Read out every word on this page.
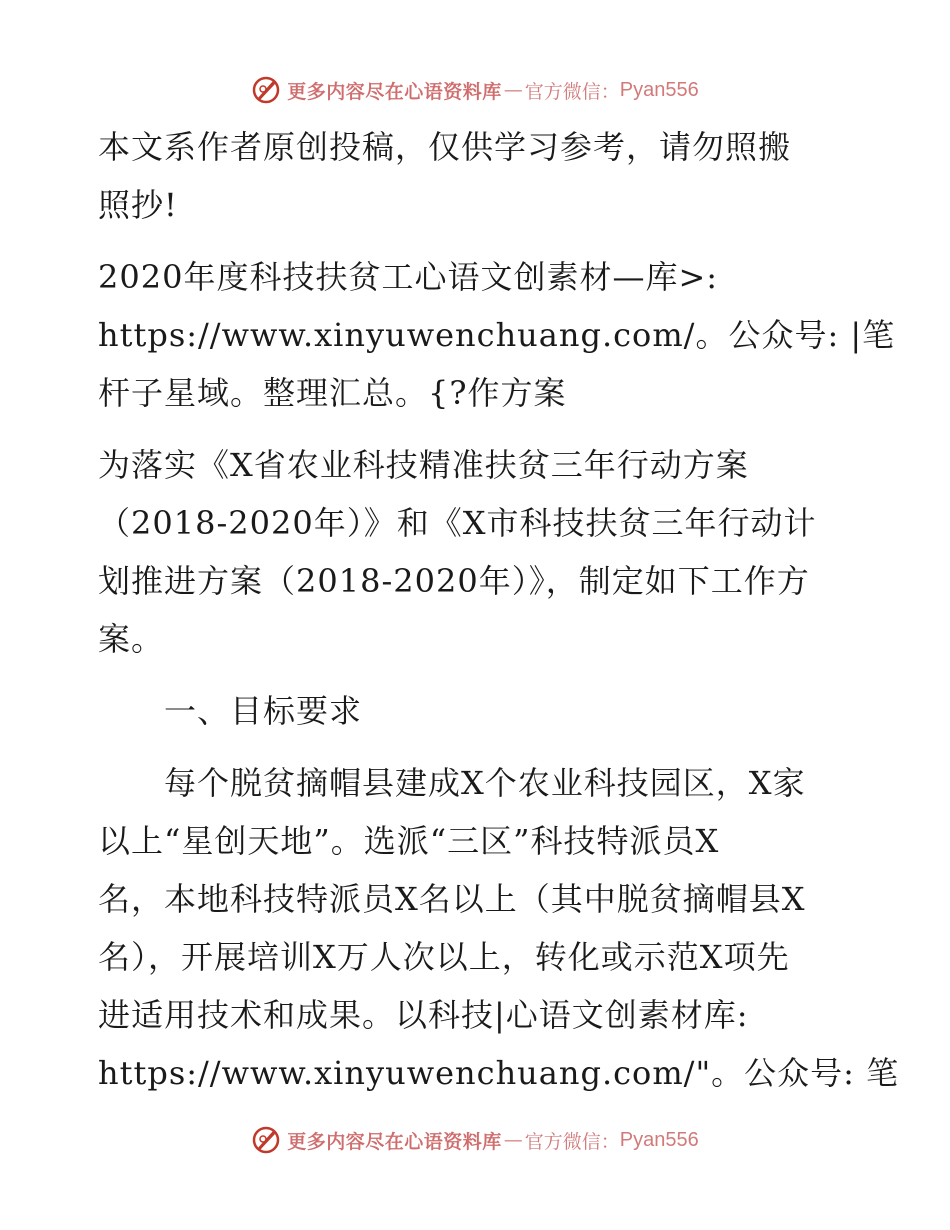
更多内容尽在心语资料库 — 官方微信： Pyan556
本文系作者原创投稿，仅供学习参考，请勿照搬
照抄!
2020年度科技扶贫工心语文创素材—库>:
https://www.xinyuwenchuang.com/。公众号: |笔
杆子星域。整理汇总。{?作方案
为落实《X省农业科技精准扶贫三年行动方案
（2018-2020年）》和《X市科技扶贫三年行动计
划推进方案（2018-2020年）》，制定如下工作方
案。
　　一、目标要求
　　每个脱贫摘帽县建成X个农业科技园区，X家
以上“星创天地”。选派“三区”科技特派员X
名，本地科技特派员X名以上（其中脱贫摘帽县X
名），开展培训X万人次以上，转化或示范X项先
进适用技术和成果。以科技|心语文创素材库:
https://www.xinyuwenchuang.com/"。公众号: 笔
更多内容尽在心语资料库 — 官方微信： Pyan556
